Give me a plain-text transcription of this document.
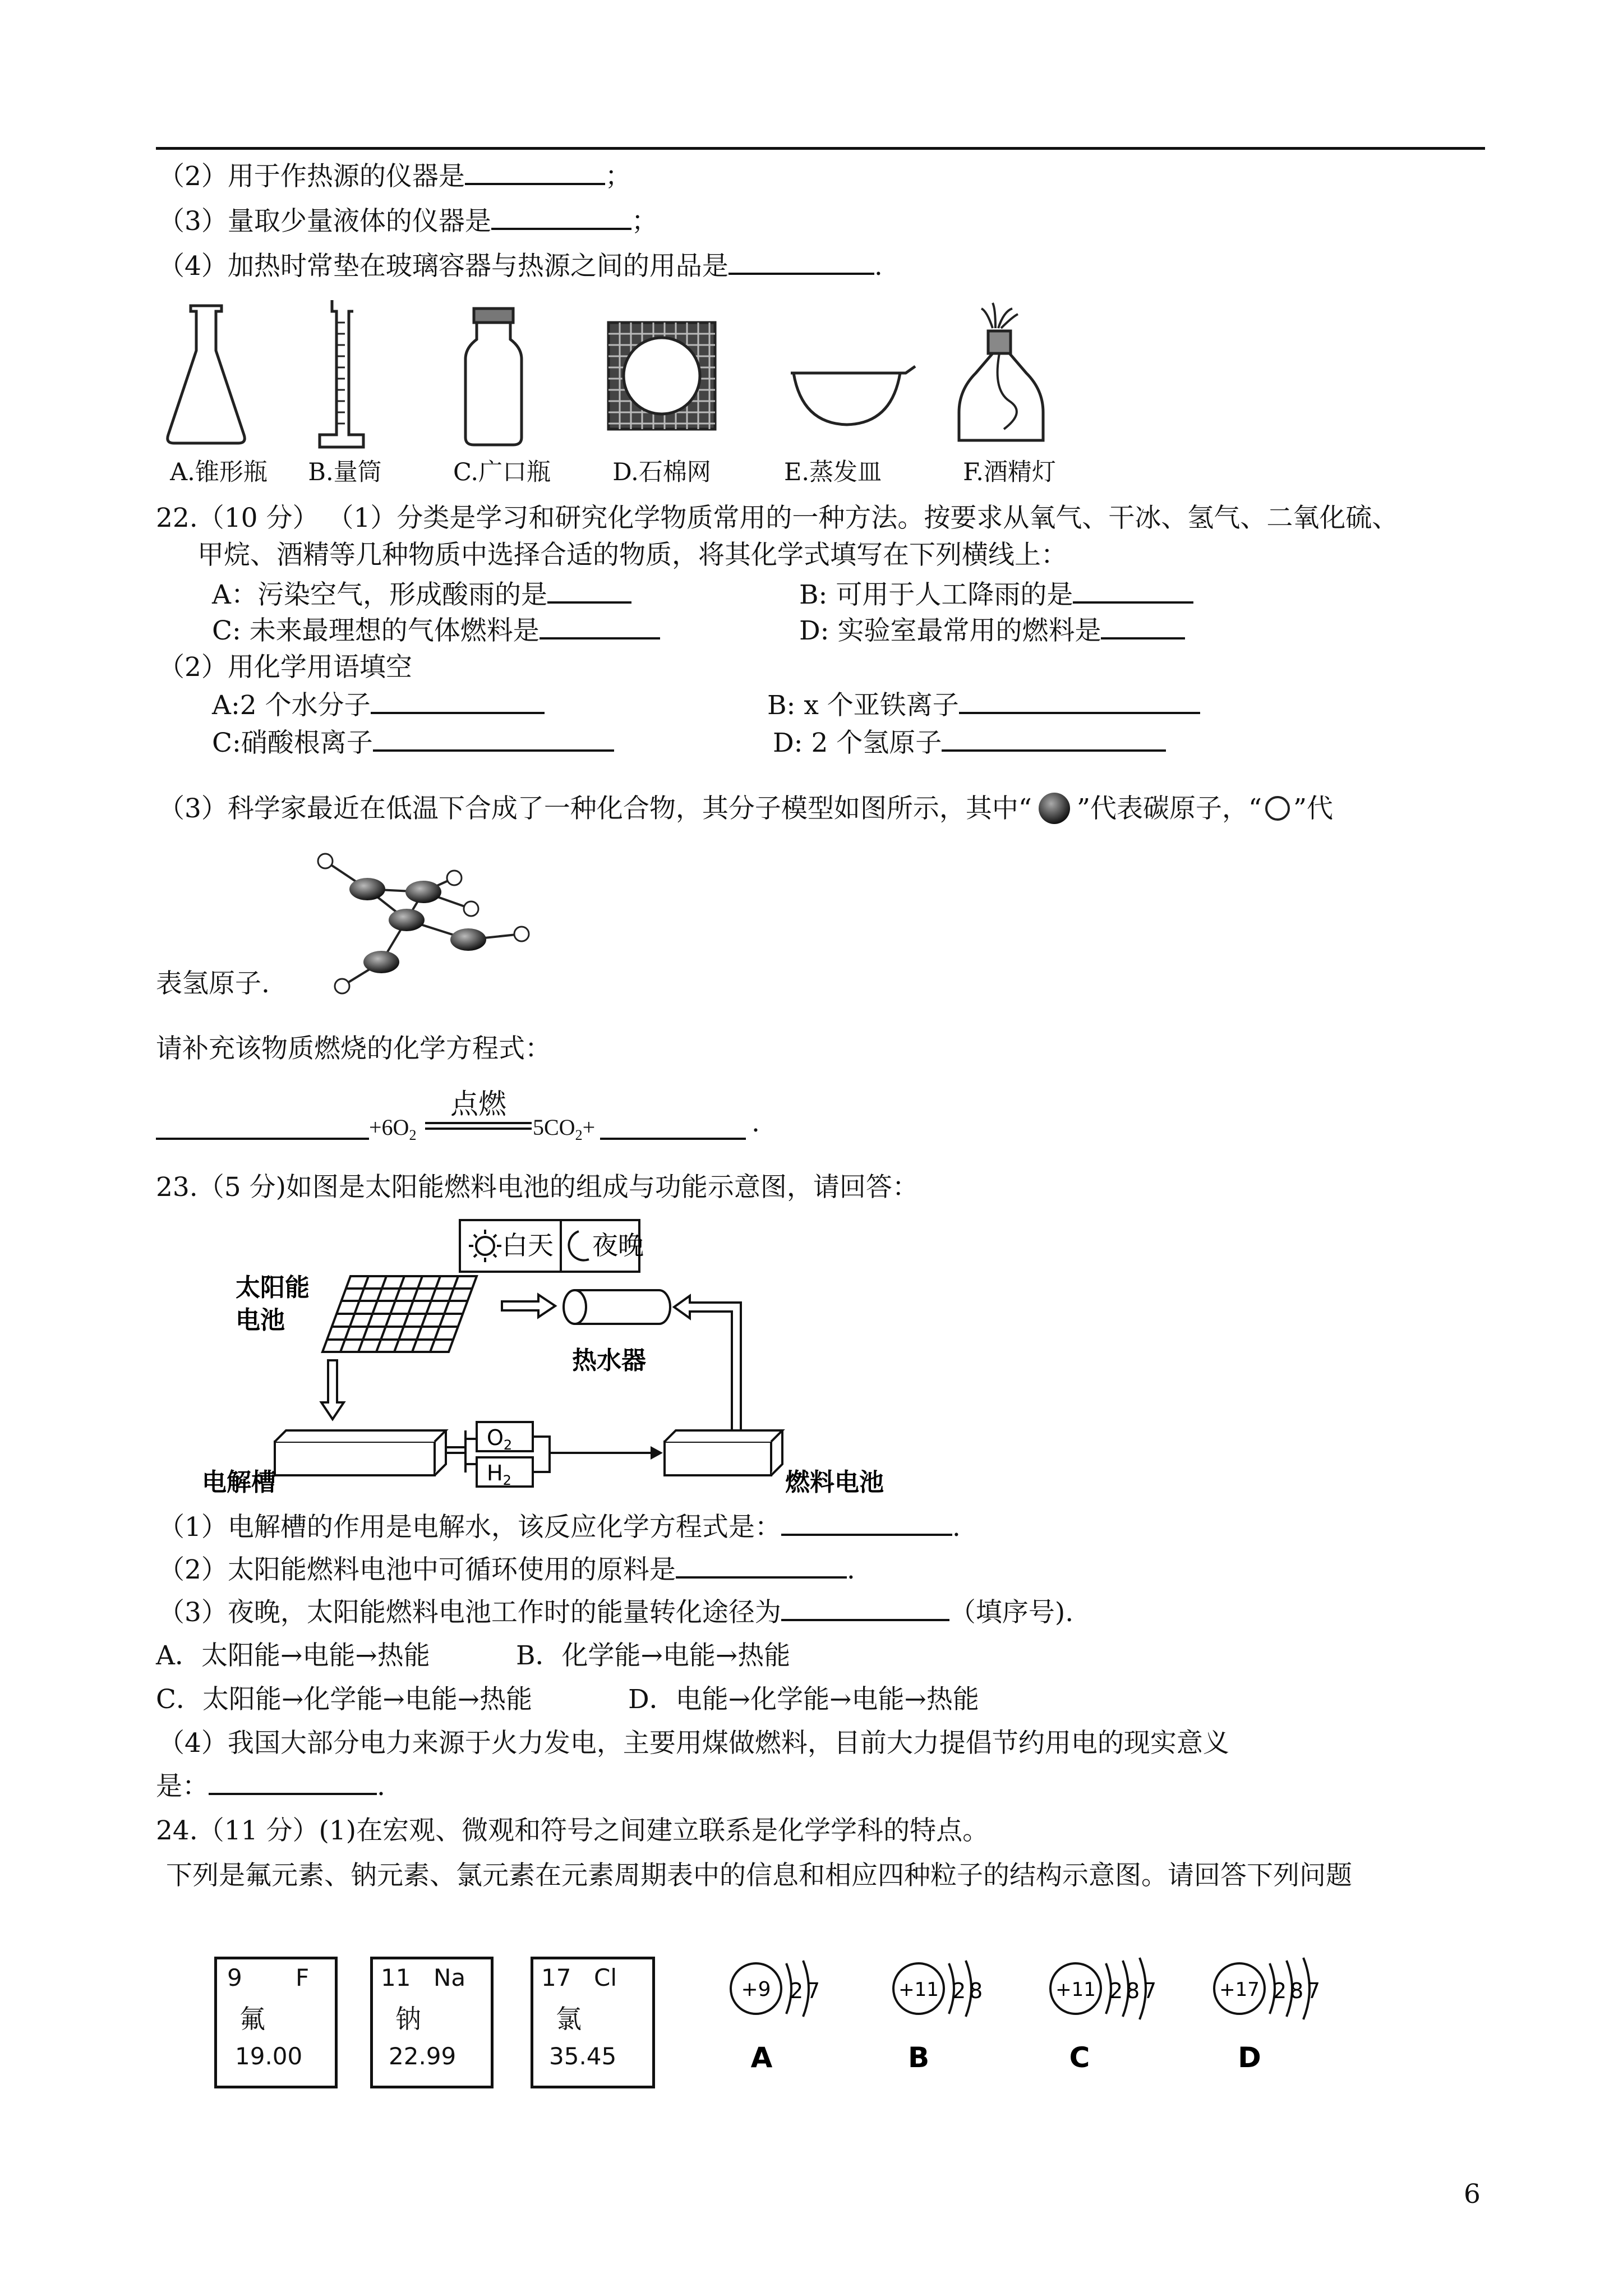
（2）用于作热源的仪器是	；
（3）量取少量液体的仪器是	；
（4）加热时常垫在玻璃容器与热源之间的用品是	.
A.锥形瓶	B.量筒	C.广口瓶	D.石棉网	E.蒸发皿	F.酒精灯
22.（10 分） （1）分类是学习和研究化学物质常用的一种方法。按要求从氧气、干冰、氢气、二氧化硫、
甲烷、酒精等几种物质中选择合适的物质，将其化学式填写在下列横线上：
A：污染空气，形成酸雨的是	B: 可用于人工降雨的是
C: 未来最理想的气体燃料是	D: 实验室最常用的燃料是
（2）用化学用语填空
A:2 个水分子	B: x 个亚铁离子
C:硝酸根离子	D: 2 个氢原子
（3）科学家最近在低温下合成了一种化合物，其分子模型如图所示，其中“ ”代表碳原子，“ ”代
表氢原子.
请补充该物质燃烧的化学方程式：
$+6O_2$
点燃
$5CO_2+$	.
23.（5 分)如图是太阳能燃料电池的组成与功能示意图，请回答：
白天 夜晚
太阳能
电池
热水器
电解槽
$O_2$
$H_2$	燃料电池
（1）电解槽的作用是电解水，该反应化学方程式是：	.
（2）太阳能燃料电池中可循环使用的原料是	.
（3）夜晚，太阳能燃料电池工作时的能量转化途径为	（填序号).
A．太阳能→电能→热能	B．化学能→电能→热能
C．太阳能→化学能→电能→热能	D．电能→化学能→电能→热能
（4）我国大部分电力来源于火力发电，主要用煤做燃料，目前大力提倡节约用电的现实意义
是：	.
24.（11 分）(1)在宏观、微观和符号之间建立联系是化学学科的特点。
下列是氟元素、钠元素、氯元素在元素周期表中的信息和相应四种粒子的结构示意图。请回答下列问题
9 F
氟
19.00
11 Na
钠
22.99
17 Cl
氯
35.45
+9 2 7
A
+11 2 8
B
+11 2 8 7
C
+17 2 8 7
D
6
